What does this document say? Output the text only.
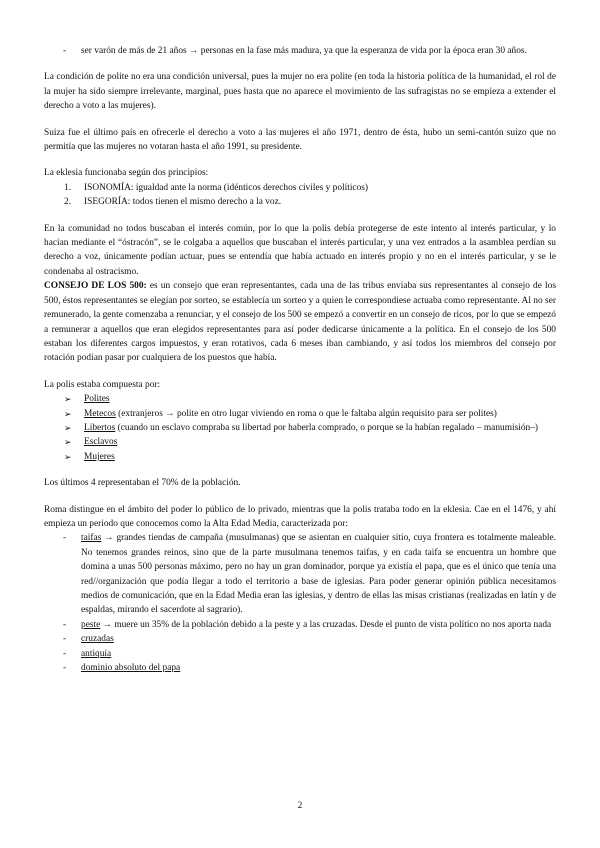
- ser varón de más de 21 años → personas en la fase más madura, ya que la esperanza de vida por la época eran 30 años.

La condición de polite no era una condición universal, pues la mujer no era polite (en toda la historia política de la humanidad, el rol de la mujer ha sido siempre irrelevante, marginal, pues hasta que no aparece el movimiento de las sufragistas no se empieza a extender el derecho a voto a las mujeres).

Suiza fue el último país en ofrecerle el derecho a voto a las mujeres el año 1971, dentro de ésta, hubo un semi-cantón suizo que no permitía que las mujeres no votaran hasta el año 1991, su presidente.

La eklesia funcionaba según dos principios:

1. ISONOMÍA: igualdad ante la norma (idénticos derechos civiles y políticos)
2. ISEGORÍA: todos tienen el mismo derecho a la voz.

En la comunidad no todos buscaban el interés común, por lo que la polis debía protegerse de este intento al interés particular, y lo hacían mediante el “óstracón”, se le colgaba a aquellos que buscaban el interés particular, y una vez entrados a la asamblea perdían su derecho a voz, únicamente podían actuar, pues se entendía que había actuado en interés propio y no en el interés particular, y se le condenaba al ostracismo.

CONSEJO DE LOS 500: es un consejo que eran representantes, cada una de las tribus enviaba sus representantes al consejo de los 500, éstos representantes se elegían por sorteo, se establecía un sorteo y a quien le correspondiese actuaba como representante. Al no ser remunerado, la gente comenzaba a renunciar, y el consejo de los 500 se empezó a convertir en un consejo de ricos, por lo que se empezó a remunerar a aquellos que eran elegidos representantes para así poder dedicarse únicamente a la política. En el consejo de los 500 estaban los diferentes cargos impuestos, y eran rotativos, cada 6 meses iban cambiando, y así todos los miembros del consejo por rotación podían pasar por cualquiera de los puestos que había.

La polis estaba compuesta por:

➢ Polites
➢ Metecos (extranjeros → polite en otro lugar viviendo en roma o que le faltaba algún requisito para ser polites)
➢ Libertos (cuando un esclavo compraba su libertad por haberla comprado, o porque se la habían regalado – manumisión–)
➢ Esclavos
➢ Mujeres

Los últimos 4 representaban el 70% de la población.

Roma distingue en el ámbito del poder lo público de lo privado, mientras que la polis trataba todo en la eklesia. Cae en el 1476, y ahí empieza un periodo que conocemos como la Alta Edad Media, caracterizada por:

- taifas → grandes tiendas de campaña (musulmanas) que se asientan en cualquier sitio, cuya frontera es totalmente maleable. No tenemos grandes reinos, sino que de la parte musulmana tenemos taifas, y en cada taifa se encuentra un hombre que domina a unas 500 personas máximo, pero no hay un gran dominador, porque ya existía el papa, que es el único que tenía una red//organización que podía llegar a todo el territorio a base de iglesias. Para poder generar opinión pública necesitamos medios de comunicación, que en la Edad Media eran las iglesias, y dentro de ellas las misas cristianas (realizadas en latín y de espaldas, mirando el sacerdote al sagrario).
- peste → muere un 35% de la población debido a la peste y a las cruzadas. Desde el punto de vista político no nos aporta nada
- cruzadas
- antiquía
- dominio absoluto del papa
2
